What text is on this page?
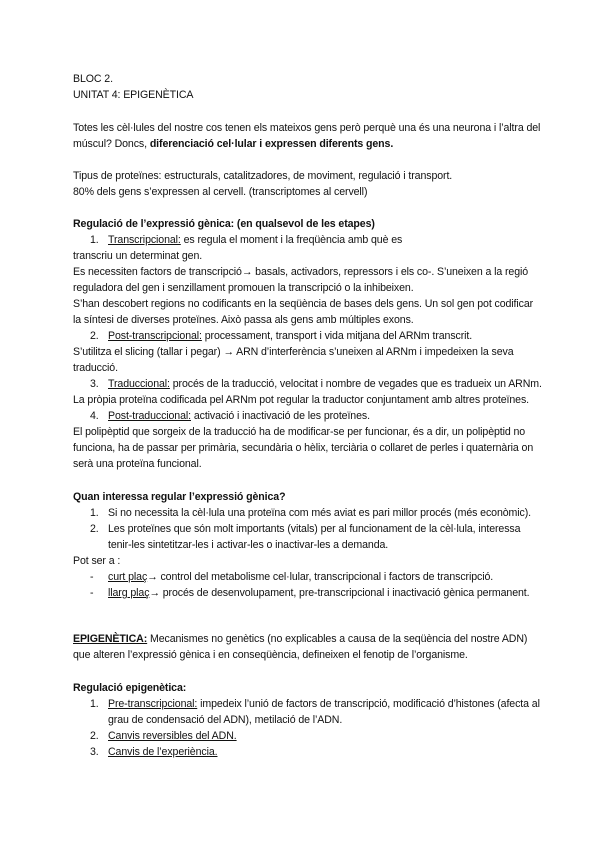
BLOC 2.

UNITAT 4: EPIGENÈTICA

Totes les cèl·lules del nostre cos tenen els mateixos gens però perquè una és una neurona i l’altra del múscul? Doncs, diferenciació cel·lular i expressen diferents gens.

Tipus de proteïnes: estructurals, catalitzadores, de moviment, regulació i transport.

80% dels gens s’expressen al cervell. (transcriptomes al cervell)

Regulació de l’expressió gènica: (en qualsevol de les etapes)

1. Transcripcional: es regula el moment i la freqüència amb què es

transcriu un determinat gen.

Es necessiten factors de transcripció→ basals, activadors, repressors i els co-. S’uneixen a la regió reguladora del gen i senzillament promouen la transcripció o la inhibeixen.

S’han descobert regions no codificants en la seqüència de bases dels gens. Un sol gen pot codificar la síntesi de diverses proteïnes. Això passa als gens amb múltiples exons.

2. Post-transcripcional: processament, transport i vida mitjana del ARNm transcrit.

S’utilitza el slicing (tallar i pegar) → ARN d’interferència s’uneixen al ARNm i impedeixen la seva traducció.

3. Traduccional: procés de la traducció, velocitat i nombre de vegades que es tradueix un ARNm.

La pròpia proteïna codificada pel ARNm pot regular la traductor conjuntament amb altres proteïnes.

4. Post-traduccional: activació i inactivació de les proteïnes.

El polipèptid que sorgeix de la traducció ha de modificar-se per funcionar, és a dir, un polipèptid no funciona, ha de passar per primària, secundària o hèlix, terciària o collaret de perles i quaternària on serà una proteïna funcional.

Quan interessa regular l’expressió gènica?

1. Si no necessita la cèl·lula una proteïna com més aviat es pari millor procés (més econòmic).
2. Les proteïnes que són molt importants (vitals) per al funcionament de la cèl·lula, interessa tenir-les sintetitzar-les i activar-les o inactivar-les a demanda.

Pot ser a :

- curt plaç→ control del metabolisme cel·lular, transcripcional i factors de transcripció.
- llarg plaç→ procés de desenvolupament, pre-transcripcional i inactivació gènica permanent.

EPIGENÈTICA: Mecanismes no genètics (no explicables a causa de la seqüència del nostre ADN) que alteren l’expressió gènica i en conseqüència, defineixen el fenotip de l’organisme.

Regulació epigenètica:

1. Pre-transcripcional: impedeix l’unió de factors de transcripció, modificació d’histones (afecta al grau de condensació del ADN), metilació de l’ADN.
2. Canvis reversibles del ADN.
3. Canvis de l’experiència.
